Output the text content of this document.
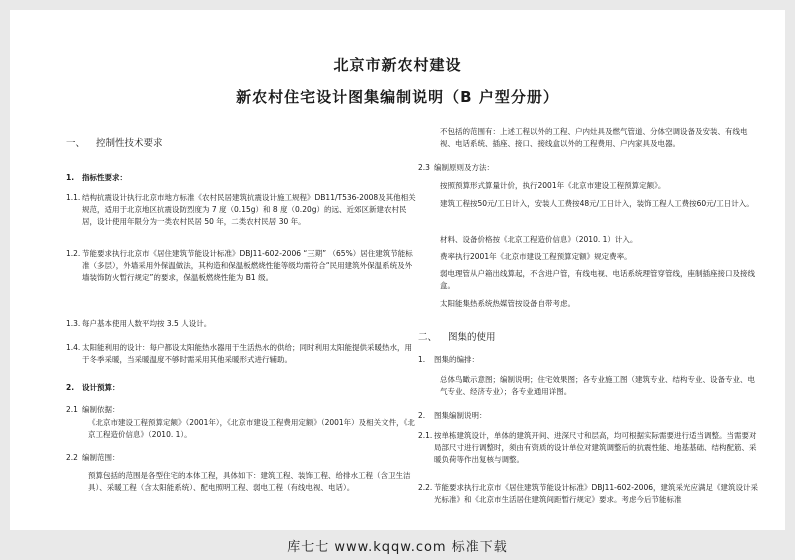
北京市新农村建设
新农村住宅设计图集编制说明（B 户型分册）
一、	控制性技术要求
1. 指标性要求：
1.1. 结构抗震设计执行北京市地方标准《农村民居建筑抗震设计施工规程》DB11/T536-2008及其他相关规范，适用于北京地区抗震设防烈度为 7 度（0.15g）和 8 度（0.20g）的远、近郊区新建农村民居，设计使用年限分为一类农村民居 50 年，二类农村民居 30 年。
1.2. 节能要求执行北京市《居住建筑节能设计标准》DBJ11-602-2006 “三期” （65%）居住建筑节能标准（多层），外墙采用外保温做法，其构造和保温板燃烧性能等级均需符合“民用建筑外保温系统及外墙装饰防火暂行规定”的要求，保温板燃烧性能为 B1 级。
1.3. 每户基本使用人数平均按 3.5 人设计。
1.4. 太阳能利用的设计：每户都设太阳能热水器用于生活热水的供给；同时利用太阳能提供采暖热水，用于冬季采暖，当采暖温度不够时需采用其他采暖形式进行辅助。
2. 设计预算：
2.1 编制依据：
《北京市建设工程预算定额》（2001年），《北京市建设工程费用定额》（2001年）及相关文件，《北京工程造价信息》（2010. 1）。
2.2 编制范围：
预算包括的范围是各型住宅的本体工程，具体如下：建筑工程、装饰工程、给排水工程（含卫生洁具）、采暖工程（含太阳能系统）、配电照明工程、弱电工程（有线电视、电话）。
不包括的范围有：上述工程以外的工程、户内灶具及燃气管道、分体空调设备及安装、有线电视、电话系统、插座、接口、接线盒以外的工程费用、户内家具及电器。
2.3 编制原则及方法：
按照预算形式算量计价，执行2001年《北京市建设工程预算定额》。
建筑工程按50元/工日计入，安装人工费按48元/工日计入，装饰工程人工费按60元/工日计入。
材料、设备价格按《北京工程造价信息》（2010. 1）计入。
费率执行2001年《北京市建设工程预算定额》规定费率。
弱电理管从户箱出线算起，不含进户管，有线电视、电话系统理管穿管线，座制插座接口及接线盒。
太阳能集热系统热媒管按设备自带考虑。
二、	图集的使用
1. 图集的编排：
总体鸟瞰示意图；编制说明；住宅效果图；各专业施工图（建筑专业、结构专业、设备专业、电气专业、经济专业）；各专业通用详图。
2. 图集编制说明：
2.1. 按单栋建筑设计，单体的建筑开间、进深尺寸和层高，均可根据实际需要进行适当调整。当需要对局部尺寸进行调整时，须由有资质的设计单位对建筑调整后的抗震性能、地基基础、结构配筋、采暖负荷等作出复核与调整。
2.2. 节能要求执行北京市《居住建筑节能设计标准》DBJ11-602-2006，建筑采光应满足《建筑设计采光标准》和《北京市生活居住建筑间距暂行规定》要求。考虑今后节能标准
库七七 www.kqqw.com 标准下载
